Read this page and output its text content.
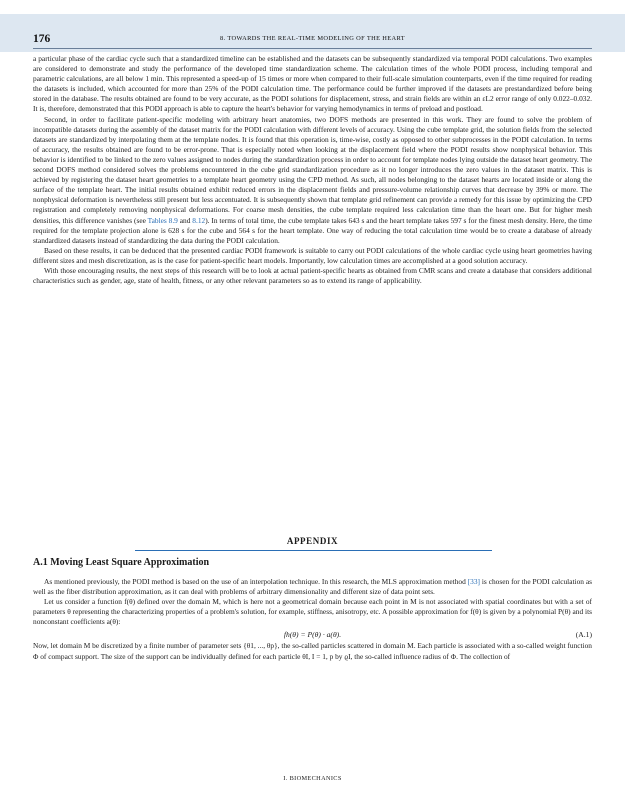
176	8. TOWARDS THE REAL-TIME MODELING OF THE HEART

a particular phase of the cardiac cycle such that a standardized timeline can be established and the datasets can be subsequently standardized via temporal PODI calculations. Two examples are considered to demonstrate and study the performance of the developed time standardization scheme. The calculation times of the whole PODI process, including temporal and parametric calculations, are all below 1 min. This represented a speed-up of 15 times or more when compared to their full-scale simulation counterparts, even if the time required for reading the datasets is included, which accounted for more than 25% of the PODI calculation time. The performance could be further improved if the datasets are prestandardized before being stored in the database. The results obtained are found to be very accurate, as the PODI solutions for displacement, stress, and strain fields are within an εL2 error range of only 0.022–0.032. It is, therefore, demonstrated that this PODI approach is able to capture the heart's behavior for varying hemodynamics in terms of preload and postload.

Second, in order to facilitate patient-specific modeling with arbitrary heart anatomies, two DOFS methods are presented in this work. They are found to solve the problem of incompatible datasets during the assembly of the dataset matrix for the PODI calculation with different levels of accuracy. Using the cube template grid, the solution fields from the selected datasets are standardized by interpolating them at the template nodes. It is found that this operation is, time-wise, costly as opposed to other subprocesses in the PODI calculation. In terms of accuracy, the results obtained are found to be error-prone. That is especially noted when looking at the displacement field where the PODI results show nonphysical behavior. This behavior is identified to be linked to the zero values assigned to nodes during the standardization process in order to account for template nodes lying outside the dataset heart geometry. The second DOFS method considered solves the problems encountered in the cube grid standardization procedure as it no longer introduces the zero values in the dataset matrix. This is achieved by registering the dataset heart geometries to a template heart geometry using the CPD method. As such, all nodes belonging to the dataset hearts are located inside or along the surface of the template heart. The initial results obtained exhibit reduced errors in the displacement fields and pressure-volume relationship curves that decrease by 39% or more. The nonphysical deformation is nevertheless still present but less accentuated. It is subsequently shown that template grid refinement can provide a remedy for this issue by optimizing the CPD registration and completely removing nonphysical deformations. For coarse mesh densities, the cube template required less calculation time than the heart one. But for higher mesh densities, this difference vanishes (see Tables 8.9 and 8.12). In terms of total time, the cube template takes 643 s and the heart template takes 597 s for the finest mesh density. Here, the time required for the template projection alone is 628 s for the cube and 564 s for the heart template. One way of reducing the total calculation time would be to create a database of already standardized datasets instead of standardizing the data during the PODI calculation.

Based on these results, it can be deduced that the presented cardiac PODI framework is suitable to carry out PODI calculations of the whole cardiac cycle using heart geometries having different sizes and mesh discretization, as is the case for patient-specific heart models. Importantly, low calculation times are accomplished at a good solution accuracy.

With those encouraging results, the next steps of this research will be to look at actual patient-specific hearts as obtained from CMR scans and create a database that considers additional characteristics such as gender, age, state of health, fitness, or any other relevant parameters so as to extend its range of applicability.

APPENDIX
A.1 Moving Least Square Approximation

As mentioned previously, the PODI method is based on the use of an interpolation technique. In this research, the MLS approximation method [33] is chosen for the PODI calculation as well as the fiber distribution approximation, as it can deal with problems of arbitrary dimensionality and different size of data point sets.

Let us consider a function f(θ) defined over the domain M, which is here not a geometrical domain because each point in M is not associated with spatial coordinates but with a set of parameters θ representing the characterizing properties of a problem's solution, for example, stiffness, anisotropy, etc. A possible approximation for f(θ) is given by a polynomial P(θ) and its nonconstant coefficients a(θ):

fh(θ) = P(θ) · a(θ).	(A.1)

Now, let domain M be discretized by a finite number of parameter sets {θ1, ..., θp}, the so-called particles scattered in domain M. Each particle is associated with a so-called weight function Φ of compact support. The size of the support can be individually defined for each particle θI, I = 1, p by ϱI, the so-called influence radius of Φ. The collection of

I. BIOMECHANICS
